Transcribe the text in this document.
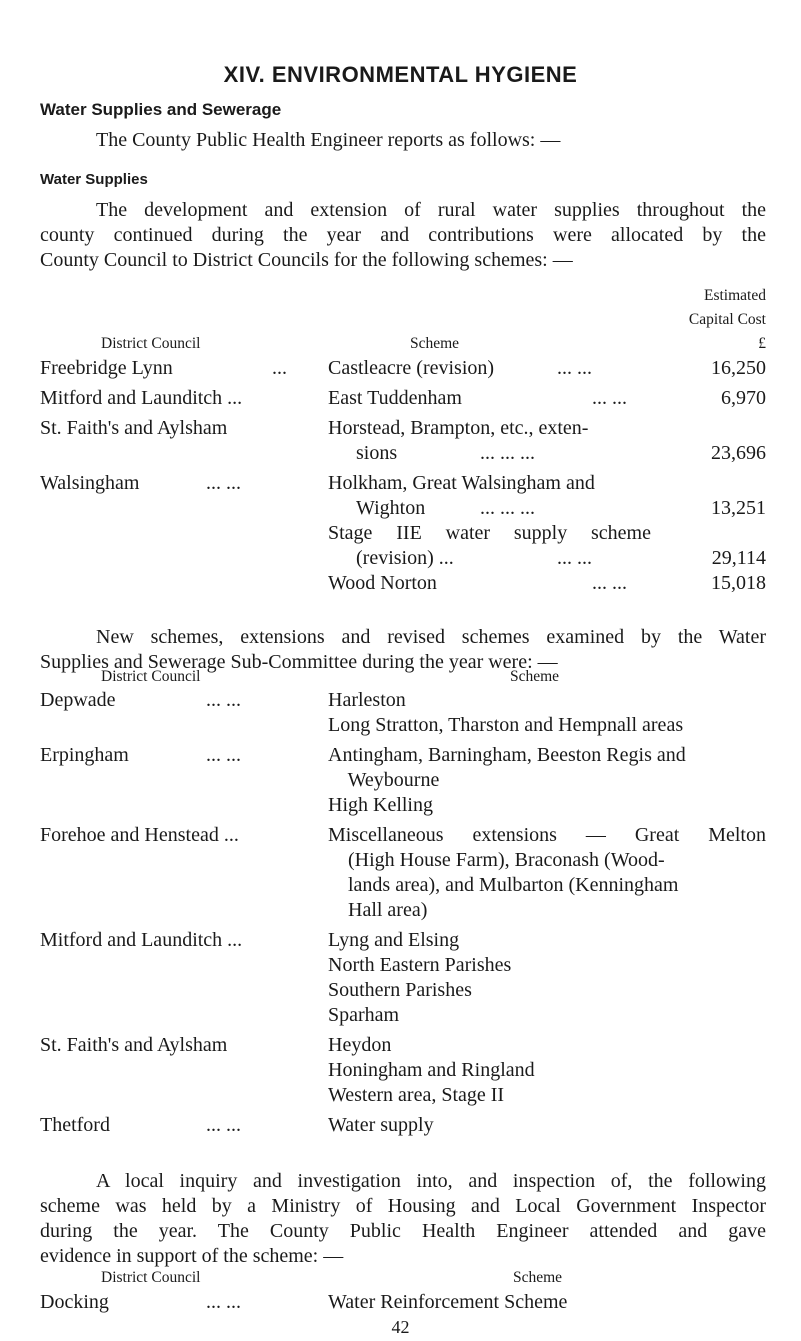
XIV. ENVIRONMENTAL HYGIENE
Water Supplies and Sewerage
The County Public Health Engineer reports as follows: —
Water Supplies
The development and extension of rural water supplies throughout the
county continued during the year and contributions were allocated by the
County Council to District Councils for the following schemes: —
Estimated
Capital Cost
District Council	Scheme	£
Freebridge Lynn	... Castleacre (revision)	... ...	16,250
Mitford and Launditch ...	East Tuddenham	... ...	6,970
St. Faith's and Aylsham	Horstead, Brampton, etc., exten-
sions	... ... ...	23,696
Walsingham	... ...	Holkham, Great Walsingham and
Wighton	... ... ...	13,251
Stage IIE water supply scheme
(revision) ...	... ...	29,114
Wood Norton	... ...	15,018
New schemes, extensions and revised schemes examined by the Water
Supplies and Sewerage Sub-Committee during the year were: —
District Council	Scheme
Depwade	... ...	Harleston
Long Stratton, Tharston and Hempnall areas
Erpingham	... ...	Antingham, Barningham, Beeston Regis and
Weybourne
High Kelling
Forehoe and Henstead ...	Miscellaneous extensions — Great Melton
(High House Farm), Braconash (Wood-
lands area), and Mulbarton (Kenningham
Hall area)
Mitford and Launditch ...	Lyng and Elsing
North Eastern Parishes
Southern Parishes
Sparham
St. Faith's and Aylsham	Heydon
Honingham and Ringland
Western area, Stage II
Thetford	... ...	Water supply
A local inquiry and investigation into, and inspection of, the following
scheme was held by a Ministry of Housing and Local Government Inspector
during the year. The County Public Health Engineer attended and gave
evidence in support of the scheme: —
District Council	Scheme
Docking	... ...	Water Reinforcement Scheme
42
